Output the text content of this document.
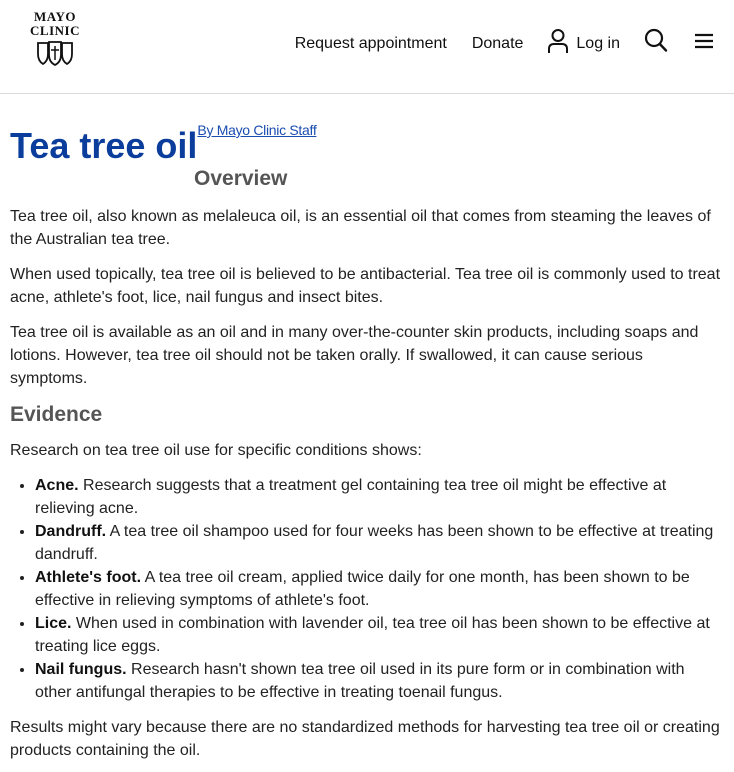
MAYO
CLINIC
Request appointment Donate	Log in
Tea tree oilBy Mayo Clinic Staff
Overview

Tea tree oil, also known as melaleuca oil, is an essential oil that comes from steaming the leaves of the Australian tea tree.

When used topically, tea tree oil is believed to be antibacterial. Tea tree oil is commonly used to treat acne, athlete's foot, lice, nail fungus and insect bites.

Tea tree oil is available as an oil and in many over-the-counter skin products, including soaps and lotions. However, tea tree oil should not be taken orally. If swallowed, it can cause serious symptoms.

Evidence

Research on tea tree oil use for specific conditions shows:

• Acne. Research suggests that a treatment gel containing tea tree oil might be effective at relieving acne.
• Dandruff. A tea tree oil shampoo used for four weeks has been shown to be effective at treating dandruff.
• Athlete's foot. A tea tree oil cream, applied twice daily for one month, has been shown to be effective in relieving symptoms of athlete's foot.
• Lice. When used in combination with lavender oil, tea tree oil has been shown to be effective at treating lice eggs.
• Nail fungus. Research hasn't shown tea tree oil used in its pure form or in combination with other antifungal therapies to be effective in treating toenail fungus.

Results might vary because there are no standardized methods for harvesting tea tree oil or creating products containing the oil.
